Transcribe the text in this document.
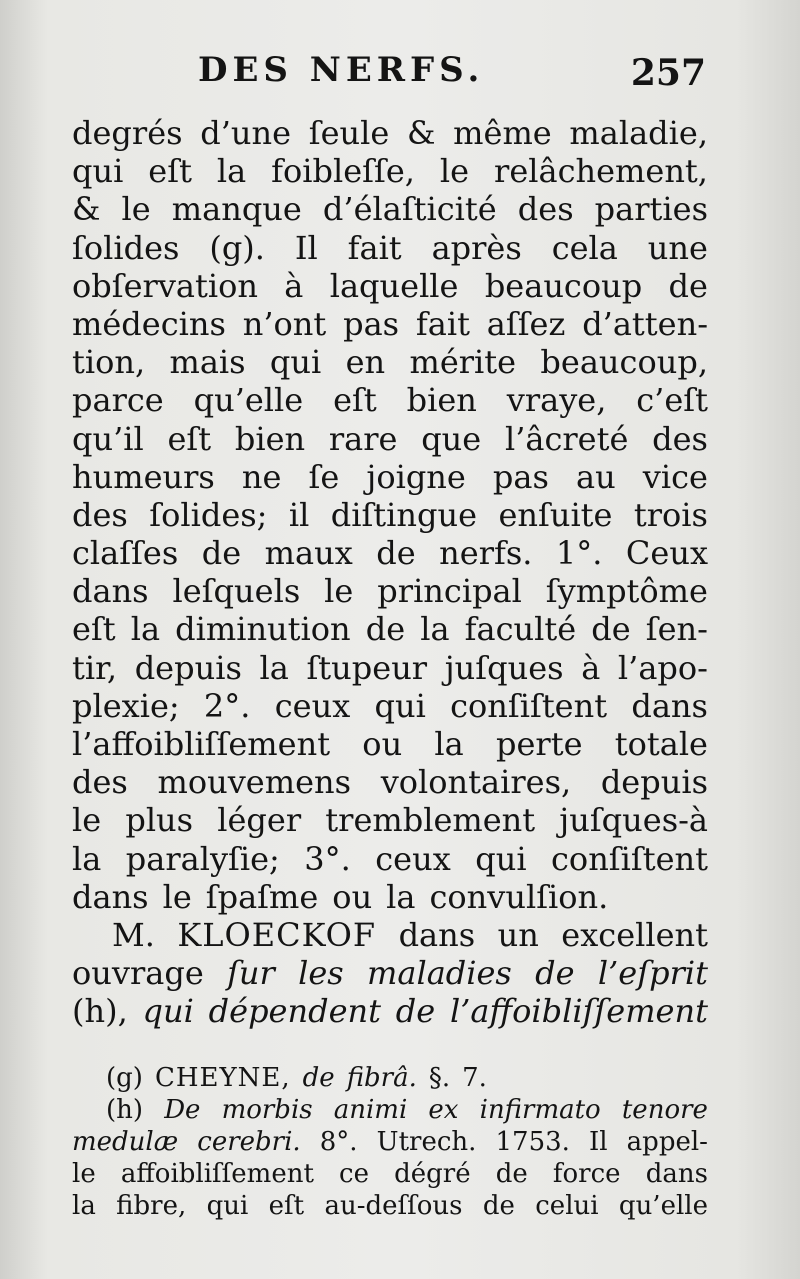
DES NERFS.	257
degrés d’une ſeule & même maladie,
qui eſt la foibleſſe, le relâchement,
& le manque d’élaſticité des parties
ſolides (g). Il fait après cela une
obſervation à laquelle beaucoup de
médecins n’ont pas fait aſſez d’atten-
tion, mais qui en mérite beaucoup,
parce qu’elle eſt bien vraye, c’eſt
qu’il eſt bien rare que l’âcreté des
humeurs ne ſe joigne pas au vice
des ſolides; il diſtingue enſuite trois
claſſes de maux de nerfs. 1°. Ceux
dans leſquels le principal ſymptôme
eſt la diminution de la faculté de ſen-
tir, depuis la ſtupeur juſques à l’apo-
plexie; 2°. ceux qui conſiſtent dans
l’affoibliſſement ou la perte totale
des mouvemens volontaires, depuis
le plus léger tremblement juſques-à
la paralyſie; 3°. ceux qui conſiſtent
dans le ſpaſme ou la convulſion.
M. KLOECKOF dans un excellent
ouvrage ſur les maladies de l’eſprit
(h), qui dépendent de l’affoibliſſement
(g) CHEYNE, de fibrâ. §. 7.
(h) De morbis animi ex infirmato tenore
medulæ cerebri. 8°. Utrech. 1753. Il appel-
le affoibliſſement ce dégré de force dans
la fibre, qui eſt au-deſſous de celui qu’elle
